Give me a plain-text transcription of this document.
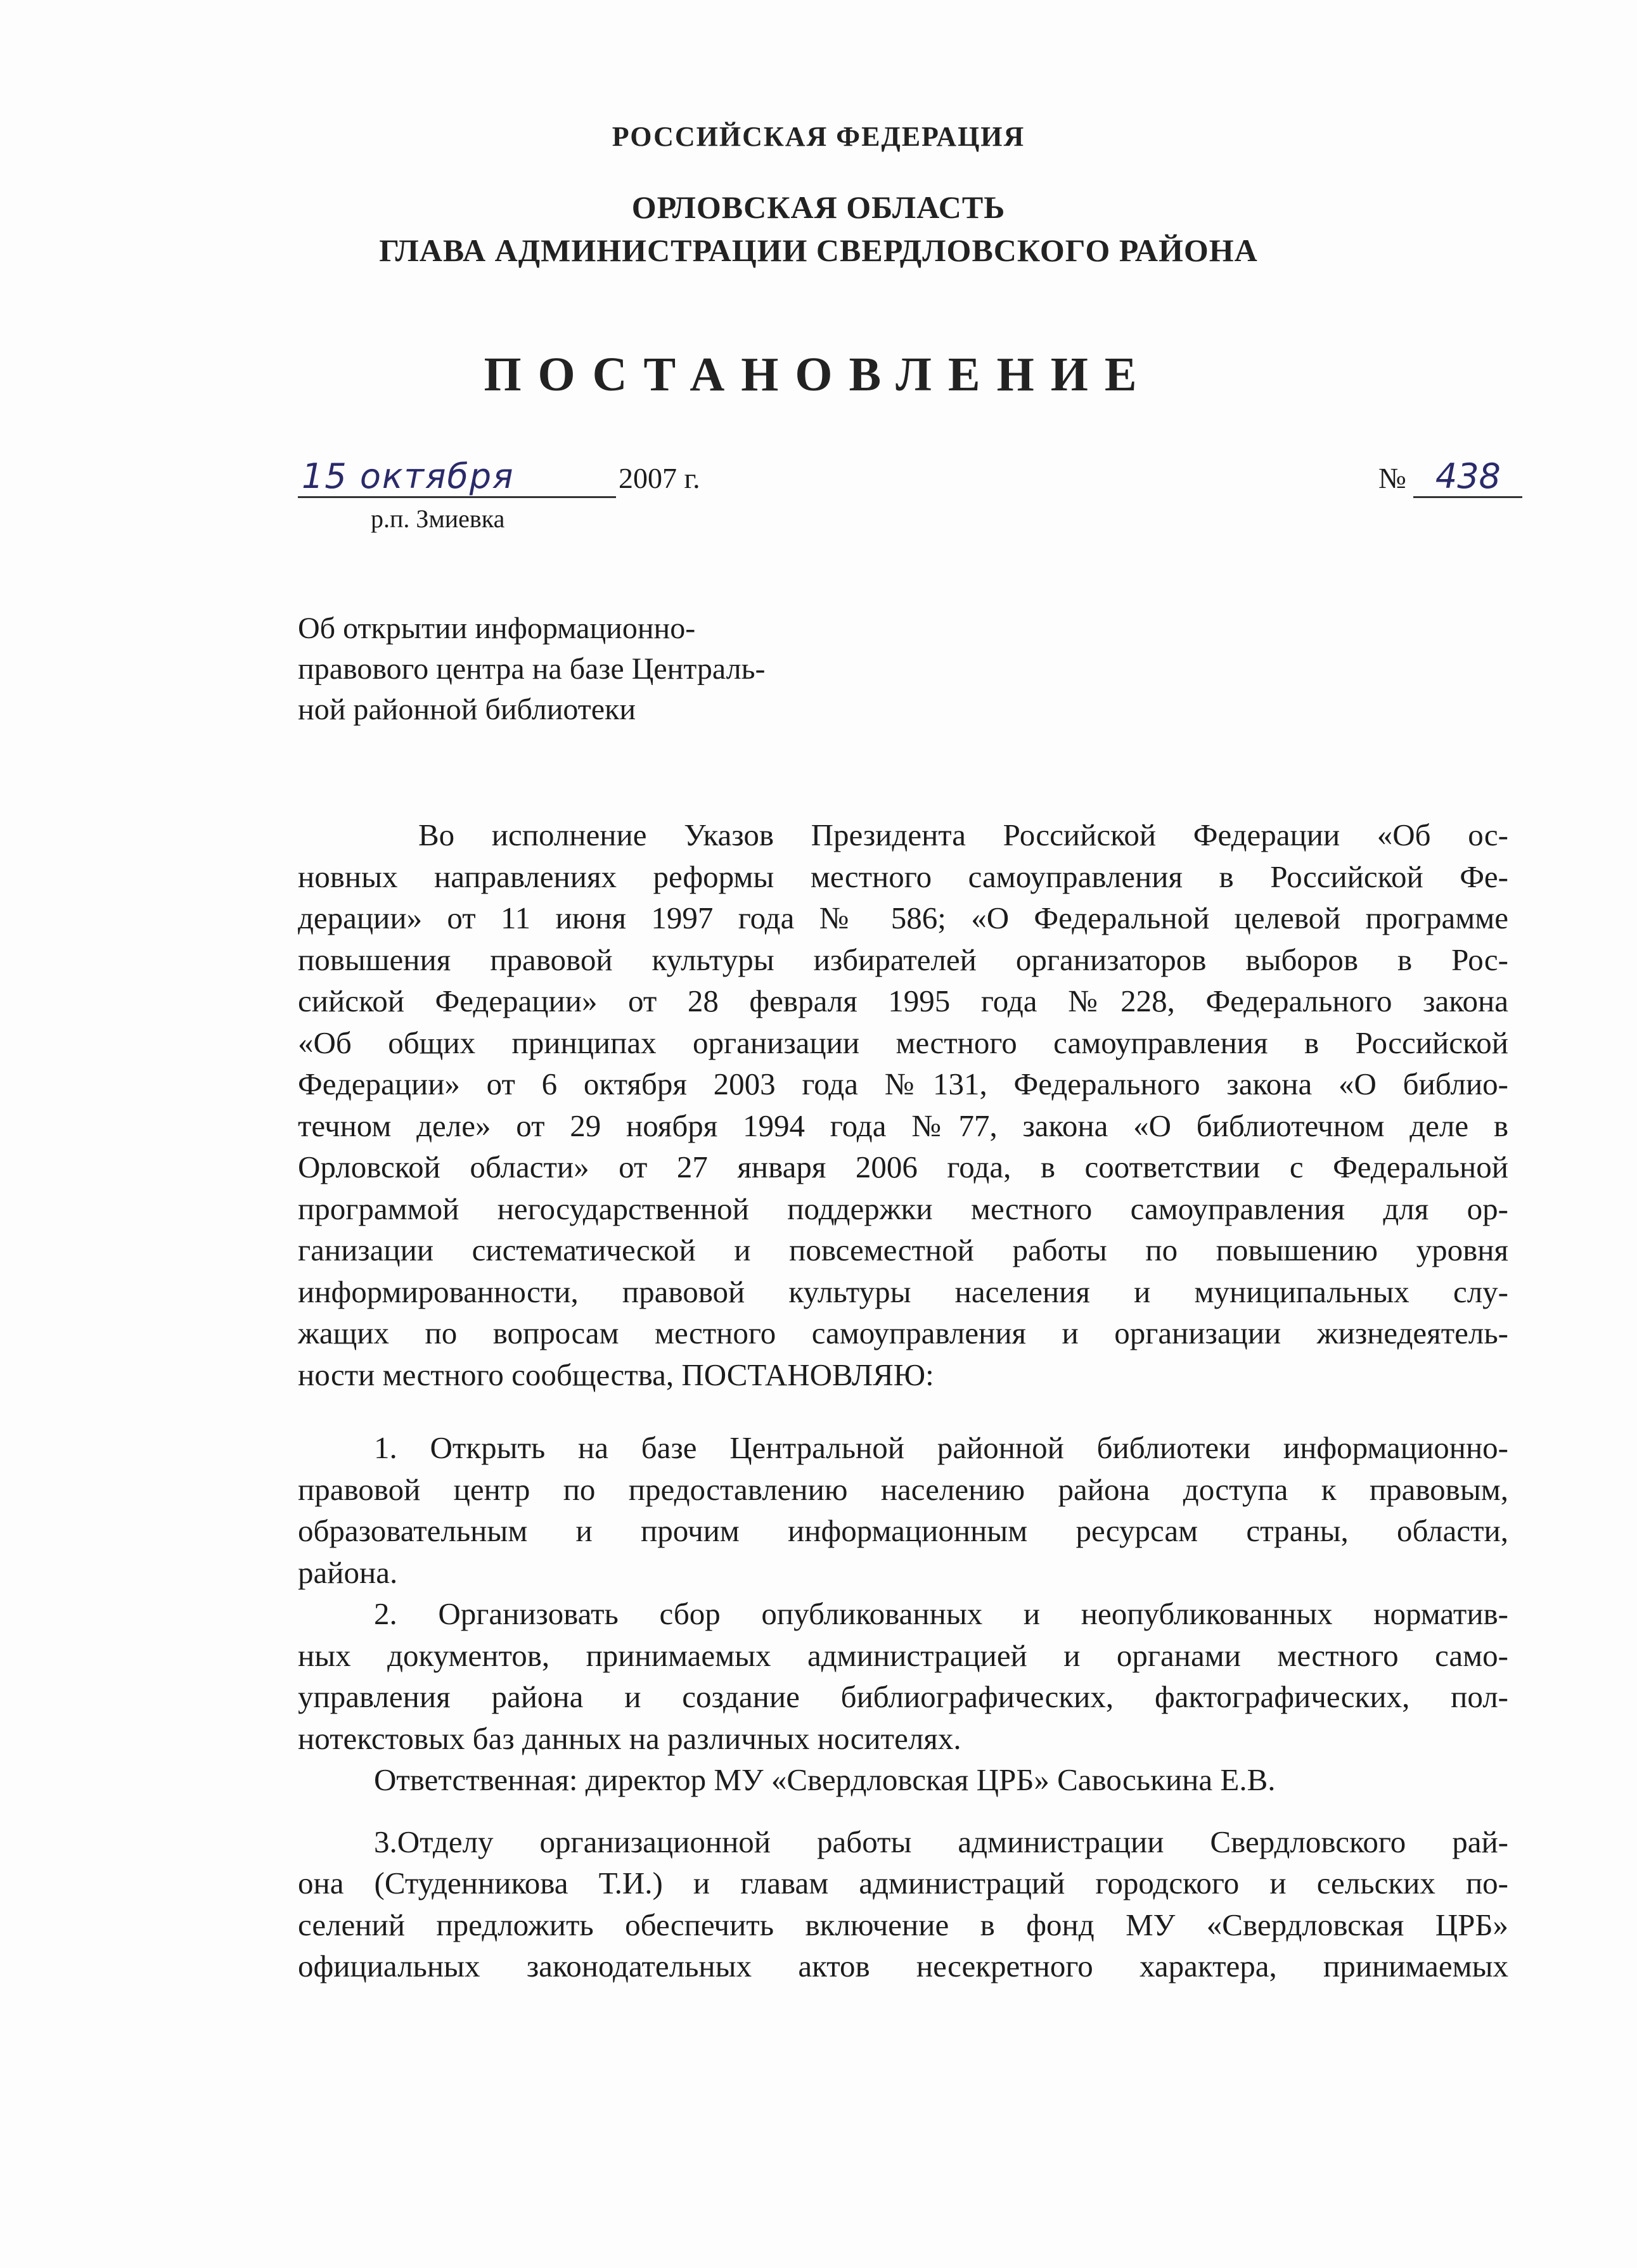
РОССИЙСКАЯ ФЕДЕРАЦИЯ
ОРЛОВСКАЯ ОБЛАСТЬ
ГЛАВА АДМИНИСТРАЦИИ СВЕРДЛОВСКОГО РАЙОНА
ПОСТАНОВЛЕНИЕ
15 октября	2007 г.
р.п. Змиевка
№ 438
Об открытии информационно-
правового центра на базе Централь-
ной районной библиотеки
Во исполнение Указов Президента Российской Федерации «Об ос-
новных направлениях реформы местного самоуправления в Российской Фе-
дерации» от 11 июня 1997 года № 586; «О Федеральной целевой программе
повышения правовой культуры избирателей организаторов выборов в Рос-
сийской Федерации» от 28 февраля 1995 года №228, Федерального закона
«Об общих принципах организации местного самоуправления в Российской
Федерации» от 6 октября 2003 года №131, Федерального закона «О библио-
течном деле» от 29 ноября 1994 года №77, закона «О библиотечном деле в
Орловской области» от 27 января 2006 года, в соответствии с Федеральной
программой негосударственной поддержки местного самоуправления для ор-
ганизации систематической и повсеместной работы по повышению уровня
информированности, правовой культуры населения и муниципальных слу-
жащих по вопросам местного самоуправления и организации жизнедеятель-
ности местного сообщества, ПОСТАНОВЛЯЮ:
1. Открыть на базе Центральной районной библиотеки информационно-
правовой центр по предоставлению населению района доступа к правовым,
образовательным и прочим информационным ресурсам страны, области,
района.
2. Организовать сбор опубликованных и неопубликованных норматив-
ных документов, принимаемых администрацией и органами местного само-
управления района и создание библиографических, фактографических, пол-
нотекстовых баз данных на различных носителях.
Ответственная: директор МУ «Свердловская ЦРБ» Савоськина Е.В.
3.Отделу организационной работы администрации Свердловского рай-
она (Студенникова Т.И.) и главам администраций городского и сельских по-
селений предложить обеспечить включение в фонд МУ «Свердловская ЦРБ»
официальных законодательных актов несекретного характера, принимаемых
